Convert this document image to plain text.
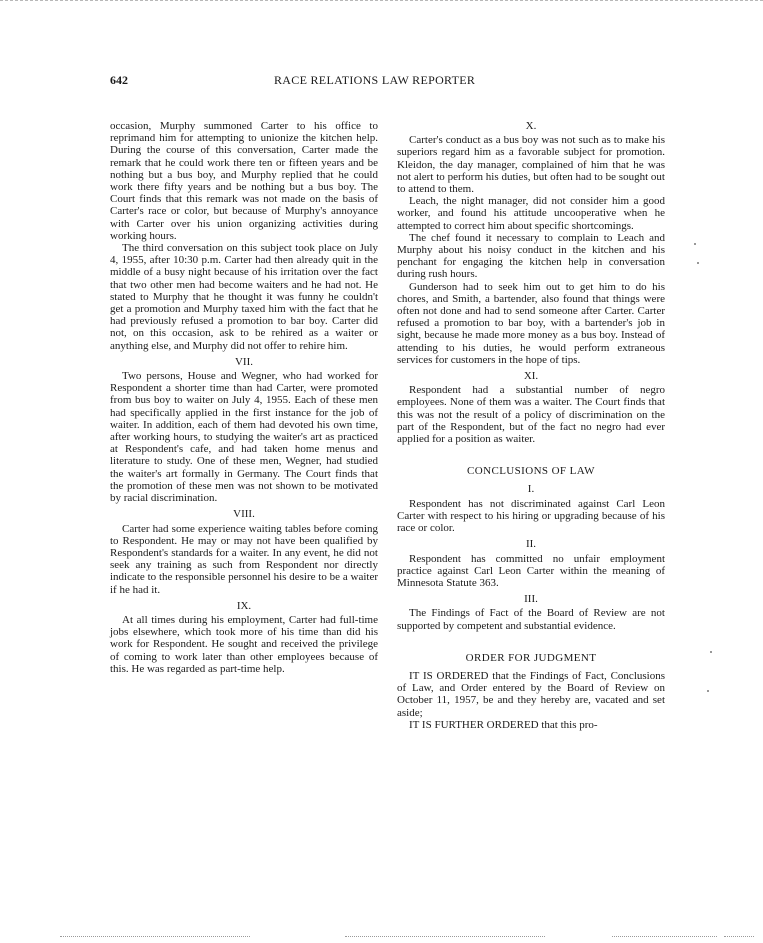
642	RACE RELATIONS LAW REPORTER

occasion, Murphy summoned Carter to his office to reprimand him for attempting to unionize the kitchen help. During the course of this conversation, Carter made the remark that he could work there ten or fifteen years and be nothing but a bus boy, and Murphy replied that he could work there fifty years and be nothing but a bus boy. The Court finds that this remark was not made on the basis of Carter's race or color, but because of Murphy's annoyance with Carter over his union organizing activities during working hours.

The third conversation on this subject took place on July 4, 1955, after 10:30 p.m. Carter had then already quit in the middle of a busy night because of his irritation over the fact that two other men had become waiters and he had not. He stated to Murphy that he thought it was funny he couldn't get a promotion and Murphy taxed him with the fact that he had previously refused a promotion to bar boy. Carter did not, on this occasion, ask to be rehired as a waiter or anything else, and Murphy did not offer to rehire him.

VII.

Two persons, House and Wegner, who had worked for Respondent a shorter time than had Carter, were promoted from bus boy to waiter on July 4, 1955. Each of these men had specifically applied in the first instance for the job of waiter. In addition, each of them had devoted his own time, after working hours, to studying the waiter's art as practiced at Respondent's cafe, and had taken home menus and literature to study. One of these men, Wegner, had studied the waiter's art formally in Germany. The Court finds that the promotion of these men was not shown to be motivated by racial discrimination.

VIII.

Carter had some experience waiting tables before coming to Respondent. He may or may not have been qualified by Respondent's standards for a waiter. In any event, he did not seek any training as such from Respondent nor directly indicate to the responsible personnel his desire to be a waiter if he had it.

IX.

At all times during his employment, Carter had full-time jobs elsewhere, which took more of his time than did his work for Respondent. He sought and received the privilege of coming to work later than other employees because of this. He was regarded as part-time help.

X.

Carter's conduct as a bus boy was not such as to make his superiors regard him as a favorable subject for promotion. Kleidon, the day manager, complained of him that he was not alert to perform his duties, but often had to be sought out to attend to them.

Leach, the night manager, did not consider him a good worker, and found his attitude uncooperative when he attempted to correct him about specific shortcomings.

The chef found it necessary to complain to Leach and Murphy about his noisy conduct in the kitchen and his penchant for engaging the kitchen help in conversation during rush hours.

Gunderson had to seek him out to get him to do his chores, and Smith, a bartender, also found that things were often not done and had to send someone after Carter. Carter refused a promotion to bar boy, with a bartender's job in sight, because he made more money as a bus boy. Instead of attending to his duties, he would perform extraneous services for customers in the hope of tips.

XI.

Respondent had a substantial number of negro employees. None of them was a waiter. The Court finds that this was not the result of a policy of discrimination on the part of the Respondent, but of the fact no negro had ever applied for a position as waiter.

CONCLUSIONS OF LAW
I.

Respondent has not discriminated against Carl Leon Carter with respect to his hiring or upgrading because of his race or color.

II.

Respondent has committed no unfair employment practice against Carl Leon Carter within the meaning of Minnesota Statute 363.

III.

The Findings of Fact of the Board of Review are not supported by competent and substantial evidence.

ORDER FOR JUDGMENT

IT IS ORDERED that the Findings of Fact, Conclusions of Law, and Order entered by the Board of Review on October 11, 1957, be and they hereby are, vacated and set aside;

IT IS FURTHER ORDERED that this pro-
